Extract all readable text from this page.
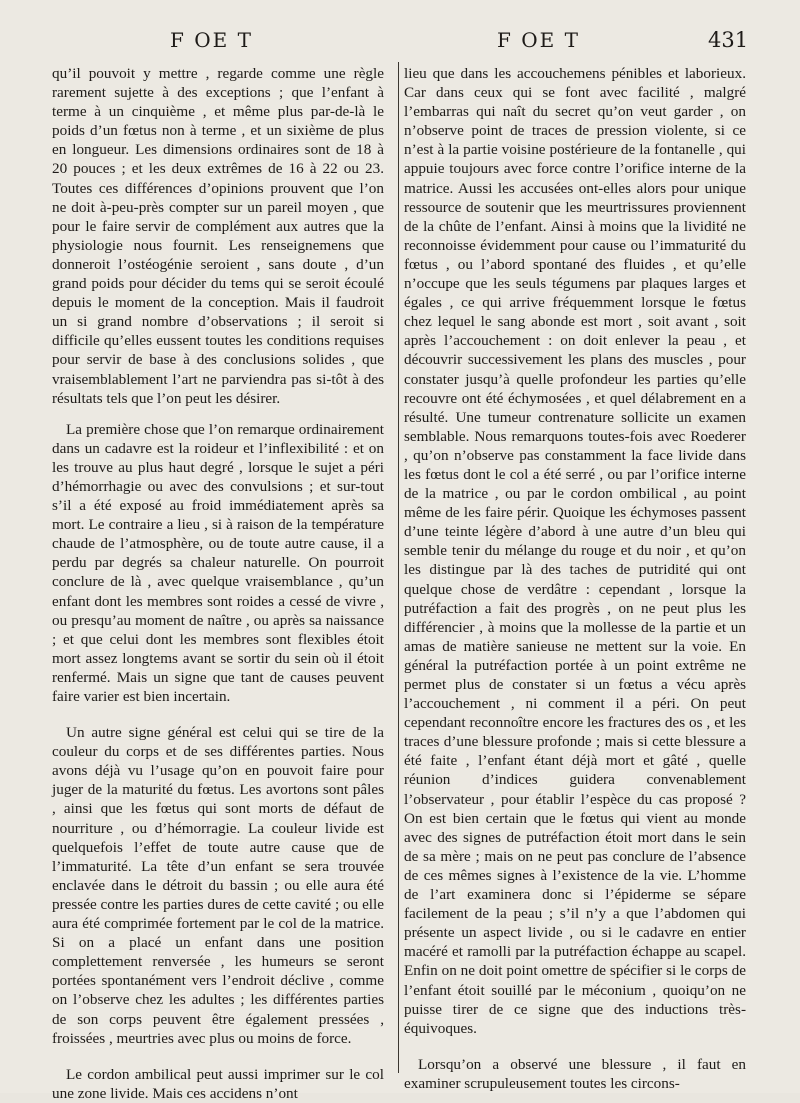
F OE T	F OE T	431

qu’il pouvoit y mettre , regarde comme une règle rarement sujette à des exceptions ; que l’enfant à terme à un cinquième , et même plus par-de-là le poids d’un fœtus non à terme , et un sixième de plus en longueur. Les dimensions ordinaires sont de 18 à 20 pouces ; et les deux extrêmes de 16 à 22 ou 23. Toutes ces différences d’opinions prouvent que l’on ne doit à-peu-près compter sur un pareil moyen , que pour le faire servir de complément aux autres que la physiologie nous fournit. Les renseignemens que donneroit l’ostéogénie seroient , sans doute , d’un grand poids pour décider du tems qui se seroit écoulé depuis le moment de la conception. Mais il faudroit un si grand nombre d’observations ; il seroit si difficile qu’elles eussent toutes les conditions requises pour servir de base à des conclusions solides , que vraisemblablement l’art ne parviendra pas si-tôt à des résultats tels que l’on peut les désirer.

La première chose que l’on remarque ordinairement dans un cadavre est la roideur et l’inflexibilité : et on les trouve au plus haut degré , lorsque le sujet a péri d’hémorrhagie ou avec des convulsions ; et sur-tout s’il a été exposé au froid immédiatement après sa mort. Le contraire a lieu , si à raison de la température chaude de l’atmosphère, ou de toute autre cause, il a perdu par degrés sa chaleur naturelle. On pourroit conclure de là , avec quelque vraisemblance , qu’un enfant dont les membres sont roides a cessé de vivre , ou presqu’au moment de naître , ou après sa naissance ; et que celui dont les membres sont flexibles étoit mort assez longtems avant se sortir du sein où il étoit renfermé. Mais un signe que tant de causes peuvent faire varier est bien incertain.

Un autre signe général est celui qui se tire de la couleur du corps et de ses différentes parties. Nous avons déjà vu l’usage qu’on en pouvoit faire pour juger de la maturité du fœtus. Les avortons sont pâles , ainsi que les fœtus qui sont morts de défaut de nourriture , ou d’hémorragie. La couleur livide est quelquefois l’effet de toute autre cause que de l’immaturité. La tête d’un enfant se sera trouvée enclavée dans le détroit du bassin ; ou elle aura été pressée contre les parties dures de cette cavité ; ou elle aura été comprimée fortement par le col de la matrice. Si on a placé un enfant dans une position complettement renversée , les humeurs se seront portées spontanément vers l’endroit déclive , comme on l’observe chez les adultes ; les différentes parties de son corps peuvent être également pressées , froissées , meurtries avec plus ou moins de force.

Le cordon ambilical peut aussi imprimer sur le col une zone livide. Mais ces accidens n’ont

lieu que dans les accouchemens pénibles et laborieux. Car dans ceux qui se font avec facilité , malgré l’embarras qui naît du secret qu’on veut garder , on n’observe point de traces de pression violente, si ce n’est à la partie voisine postérieure de la fontanelle , qui appuie toujours avec force contre l’orifice interne de la matrice. Aussi les accusées ont-elles alors pour unique ressource de soutenir que les meurtrissures proviennent de la chûte de l’enfant. Ainsi à moins que la lividité ne reconnoisse évidemment pour cause ou l’immaturité du fœtus , ou l’abord spontané des fluides , et qu’elle n’occupe que les seuls tégumens par plaques larges et égales , ce qui arrive fréquemment lorsque le fœtus chez lequel le sang abonde est mort , soit avant , soit après l’accouchement : on doit enlever la peau , et découvrir successivement les plans des muscles , pour constater jusqu’à quelle profondeur les parties qu’elle recouvre ont été échymosées , et quel délabrement en a résulté. Une tumeur contrenature sollicite un examen semblable. Nous remarquons toutes-fois avec Roederer , qu’on n’observe pas constamment la face livide dans les fœtus dont le col a été serré , ou par l’orifice interne de la matrice , ou par le cordon ombilical , au point même de les faire périr. Quoique les échymoses passent d’une teinte légère d’abord à une autre d’un bleu qui semble tenir du mélange du rouge et du noir , et qu’on les distingue par là des taches de putridité qui ont quelque chose de verdâtre : cependant , lorsque la putréfaction a fait des progrès , on ne peut plus les différencier , à moins que la mollesse de la partie et un amas de matière sanieuse ne mettent sur la voie. En général la putréfaction portée à un point extrême ne permet plus de constater si un fœtus a vécu après l’accouchement , ni comment il a péri. On peut cependant reconnoître encore les fractures des os , et les traces d’une blessure profonde ; mais si cette blessure a été faite , l’enfant étant déjà mort et gâté , quelle réunion d’indices guidera convenablement l’observateur , pour établir l’espèce du cas proposé ? On est bien certain que le fœtus qui vient au monde avec des signes de putréfaction étoit mort dans le sein de sa mère ; mais on ne peut pas conclure de l’absence de ces mêmes signes à l’existence de la vie. L’homme de l’art examinera donc si l’épiderme se sépare facilement de la peau ; s’il n’y a que l’abdomen qui présente un aspect livide , ou si le cadavre en entier macéré et ramolli par la putréfaction échappe au scapel. Enfin on ne doit point omettre de spécifier si le corps de l’enfant étoit souillé par le méconium , quoiqu’on ne puisse tirer de ce signe que des inductions très-équivoques.

Lorsqu’on a observé une blessure , il faut en examiner scrupuleusement toutes les circons-
